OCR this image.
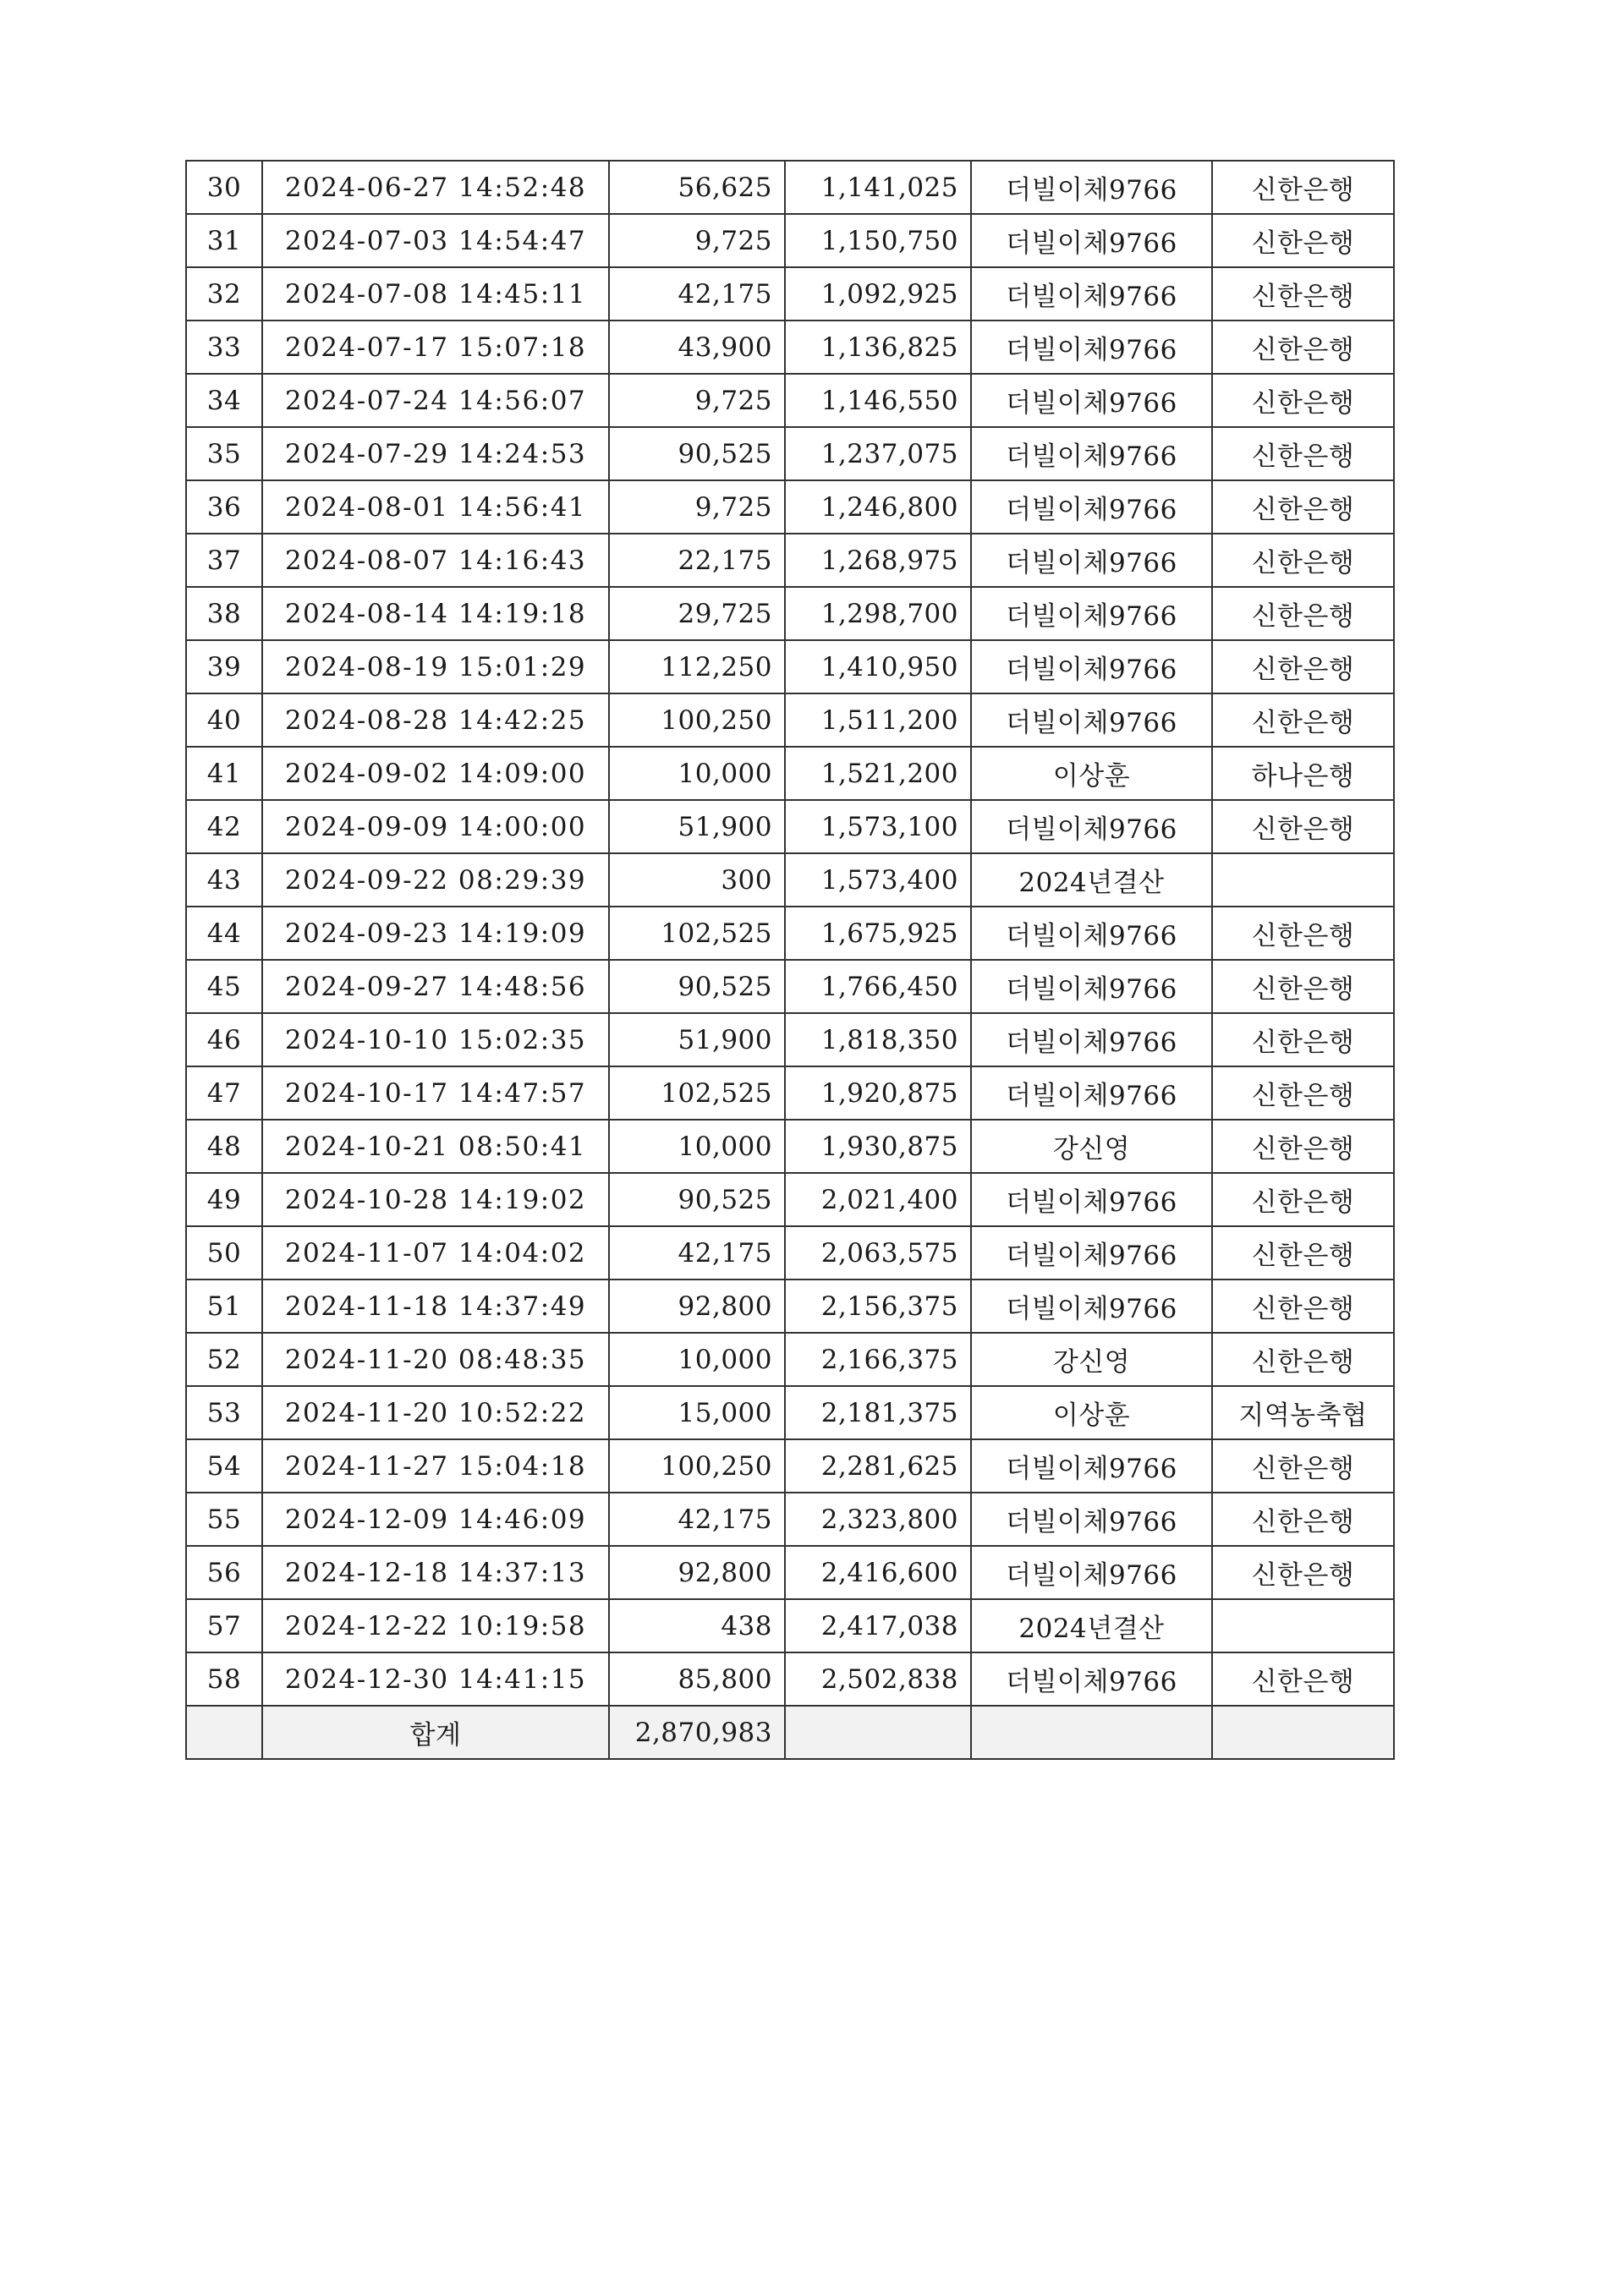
30	2024-06-27 14:52:48	56,625	1,141,025	더빌이체9766	신한은행
31	2024-07-03 14:54:47	9,725	1,150,750	더빌이체9766	신한은행
32	2024-07-08 14:45:11	42,175	1,092,925	더빌이체9766	신한은행
33	2024-07-17 15:07:18	43,900	1,136,825	더빌이체9766	신한은행
34	2024-07-24 14:56:07	9,725	1,146,550	더빌이체9766	신한은행
35	2024-07-29 14:24:53	90,525	1,237,075	더빌이체9766	신한은행
36	2024-08-01 14:56:41	9,725	1,246,800	더빌이체9766	신한은행
37	2024-08-07 14:16:43	22,175	1,268,975	더빌이체9766	신한은행
38	2024-08-14 14:19:18	29,725	1,298,700	더빌이체9766	신한은행
39	2024-08-19 15:01:29	112,250	1,410,950	더빌이체9766	신한은행
40	2024-08-28 14:42:25	100,250	1,511,200	더빌이체9766	신한은행
41	2024-09-02 14:09:00	10,000	1,521,200	이상훈	하나은행
42	2024-09-09 14:00:00	51,900	1,573,100	더빌이체9766	신한은행
43	2024-09-22 08:29:39	300	1,573,400	2024년결산	
44	2024-09-23 14:19:09	102,525	1,675,925	더빌이체9766	신한은행
45	2024-09-27 14:48:56	90,525	1,766,450	더빌이체9766	신한은행
46	2024-10-10 15:02:35	51,900	1,818,350	더빌이체9766	신한은행
47	2024-10-17 14:47:57	102,525	1,920,875	더빌이체9766	신한은행
48	2024-10-21 08:50:41	10,000	1,930,875	강신영	신한은행
49	2024-10-28 14:19:02	90,525	2,021,400	더빌이체9766	신한은행
50	2024-11-07 14:04:02	42,175	2,063,575	더빌이체9766	신한은행
51	2024-11-18 14:37:49	92,800	2,156,375	더빌이체9766	신한은행
52	2024-11-20 08:48:35	10,000	2,166,375	강신영	신한은행
53	2024-11-20 10:52:22	15,000	2,181,375	이상훈	지역농축협
54	2024-11-27 15:04:18	100,250	2,281,625	더빌이체9766	신한은행
55	2024-12-09 14:46:09	42,175	2,323,800	더빌이체9766	신한은행
56	2024-12-18 14:37:13	92,800	2,416,600	더빌이체9766	신한은행
57	2024-12-22 10:19:58	438	2,417,038	2024년결산	
58	2024-12-30 14:41:15	85,800	2,502,838	더빌이체9766	신한은행
	합계	2,870,983			
